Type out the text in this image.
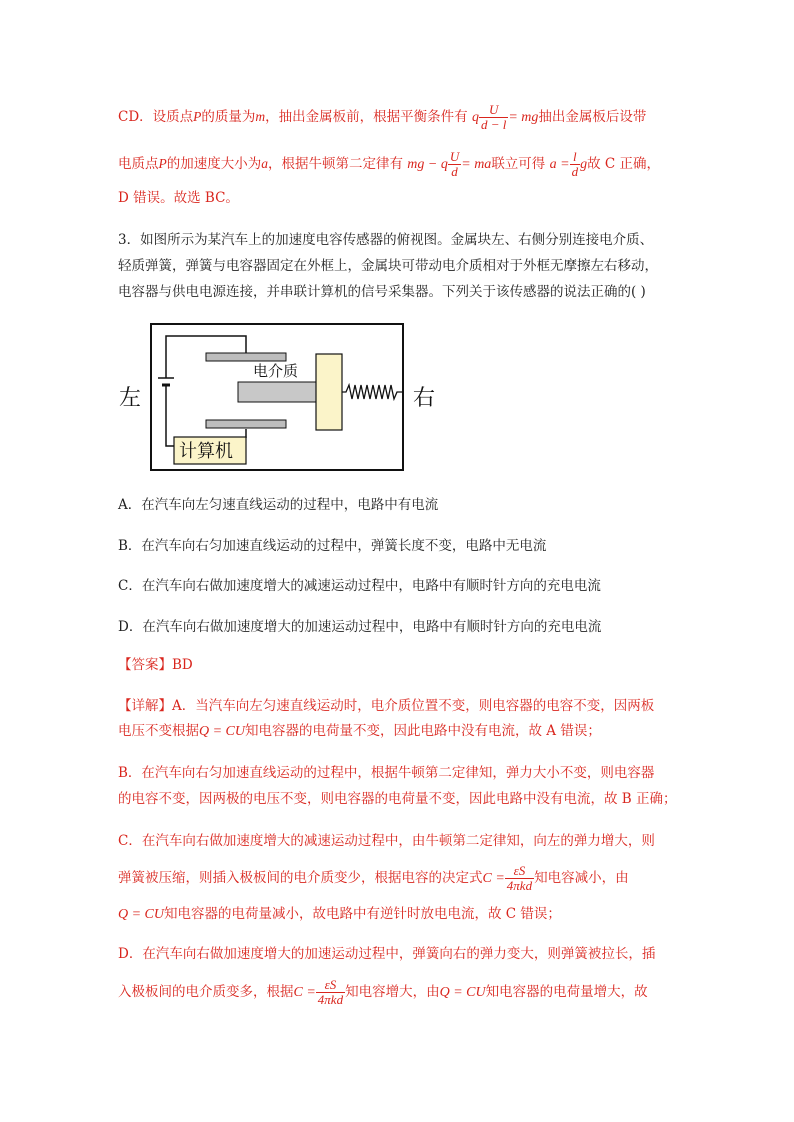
CD．设质点P的质量为m，抽出金属板前，根据平衡条件有 q $\frac{U}{d - l}$ = mg抽出金属板后设带
电质点P的加速度大小为a，根据牛顿第二定律有 mg − q $\frac{U}{d}$ = ma联立可得 $a = \frac{l}{d}$ g故 C 正确，
D 错误。故选 BC。
3．如图所示为某汽车上的加速度电容传感器的俯视图。金属块左、右侧分别连接电介质、
轻质弹簧，弹簧与电容器固定在外框上，金属块可带动电介质相对于外框无摩擦左右移动，
电容器与供电电源连接，并串联计算机的信号采集器。下列关于该传感器的说法正确的( )
左	右
电介质
计算机
A．在汽车向左匀速直线运动的过程中，电路中有电流
B．在汽车向右匀加速直线运动的过程中，弹簧长度不变，电路中无电流
C．在汽车向右做加速度增大的减速运动过程中，电路中有顺时针方向的充电电流
D．在汽车向右做加速度增大的加速运动过程中，电路中有顺时针方向的充电电流
【答案】BD
【详解】A．当汽车向左匀速直线运动时，电介质位置不变，则电容器的电容不变，因两板
电压不变根据Q = CU知电容器的电荷量不变，因此电路中没有电流，故 A 错误；
B．在汽车向右匀加速直线运动的过程中，根据牛顿第二定律知，弹力大小不变，则电容器
的电容不变，因两极的电压不变，则电容器的电荷量不变，因此电路中没有电流，故 B 正确；
C．在汽车向右做加速度增大的减速运动过程中，由牛顿第二定律知，向左的弹力增大，则
弹簧被压缩，则插入极板间的电介质变少，根据电容的决定式$C = \frac{\varepsilon S}{\text{4πkd}}$ 知电容减小，由
Q = CU知电容器的电荷量减小，故电路中有逆针时放电电流，故 C 错误；
D．在汽车向右做加速度增大的加速运动过程中，弹簧向右的弹力变大，则弹簧被拉长，插
入极板间的电介质变多，根据$C = \frac{\varepsilon S}{\text{4πkd}}$ 知电容增大，由Q = CU知电容器的电荷量增大，故
